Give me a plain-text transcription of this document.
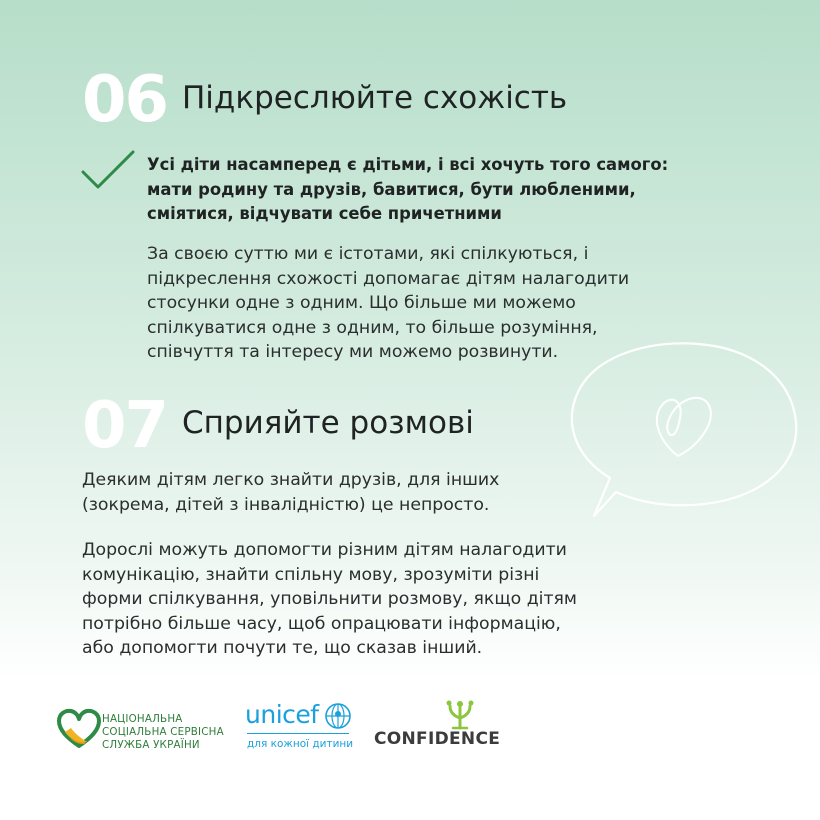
06 Підкреслюйте схожість
Усі діти насамперед є дітьми, і всі хочуть того самого:
мати родину та друзів, бавитися, бути любленими,
сміятися, відчувати себе причетними
За своєю суттю ми є істотами, які спілкуються, і
підкреслення схожості допомагає дітям налагодити
стосунки одне з одним. Що більше ми можемо
спілкуватися одне з одним, то більше розуміння,
співчуття та інтересу ми можемо розвинути.
07 Сприяйте розмові
Деяким дітям легко знайти друзів, для інших
(зокрема, дітей з інвалідністю) це непросто.
Дорослі можуть допомогти різним дітям налагодити
комунікацію, знайти спільну мову, зрозуміти різні
форми спілкування, уповільнити розмову, якщо дітям
потрібно більше часу, щоб опрацювати інформацію,
або допомогти почути те, що сказав інший.
НАЦІОНАЛЬНА
СОЦІАЛЬНА СЕРВІСНА
СЛУЖБА УКРАЇНИ
unicef
для кожної дитини CONFIDENCE
